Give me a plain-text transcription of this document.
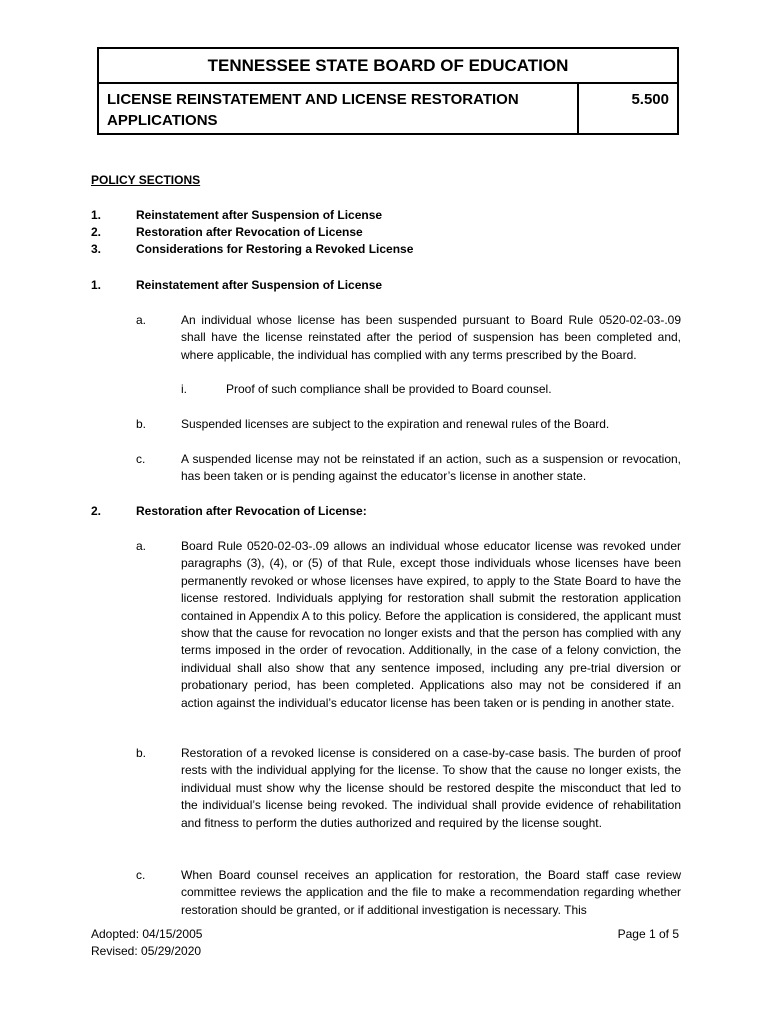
TENNESSEE STATE BOARD OF EDUCATION
LICENSE REINSTATEMENT AND LICENSE RESTORATION APPLICATIONS
5.500
POLICY SECTIONS
1.	Reinstatement after Suspension of License
2.	Restoration after Revocation of License
3.	Considerations for Restoring a Revoked License
1.	Reinstatement after Suspension of License
a.	An individual whose license has been suspended pursuant to Board Rule 0520-02-03-.09 shall have the license reinstated after the period of suspension has been completed and, where applicable, the individual has complied with any terms prescribed by the Board.
i.	Proof of such compliance shall be provided to Board counsel.
b.	Suspended licenses are subject to the expiration and renewal rules of the Board.
c.	A suspended license may not be reinstated if an action, such as a suspension or revocation, has been taken or is pending against the educator’s license in another state.
2.	Restoration after Revocation of License:
a.	Board Rule 0520-02-03-.09 allows an individual whose educator license was revoked under paragraphs (3), (4), or (5) of that Rule, except those individuals whose licenses have been permanently revoked or whose licenses have expired, to apply to the State Board to have the license restored. Individuals applying for restoration shall submit the restoration application contained in Appendix A to this policy. Before the application is considered, the applicant must show that the cause for revocation no longer exists and that the person has complied with any terms imposed in the order of revocation. Additionally, in the case of a felony conviction, the individual shall also show that any sentence imposed, including any pre-trial diversion or probationary period, has been completed. Applications also may not be considered if an action against the individual’s educator license has been taken or is pending in another state.
b.	Restoration of a revoked license is considered on a case-by-case basis. The burden of proof rests with the individual applying for the license. To show that the cause no longer exists, the individual must show why the license should be restored despite the misconduct that led to the individual’s license being revoked. The individual shall provide evidence of rehabilitation and fitness to perform the duties authorized and required by the license sought.
c.	When Board counsel receives an application for restoration, the Board staff case review committee reviews the application and the file to make a recommendation regarding whether restoration should be granted, or if additional investigation is necessary. This
Adopted: 04/15/2005
Revised: 05/29/2020
Page 1 of 5
